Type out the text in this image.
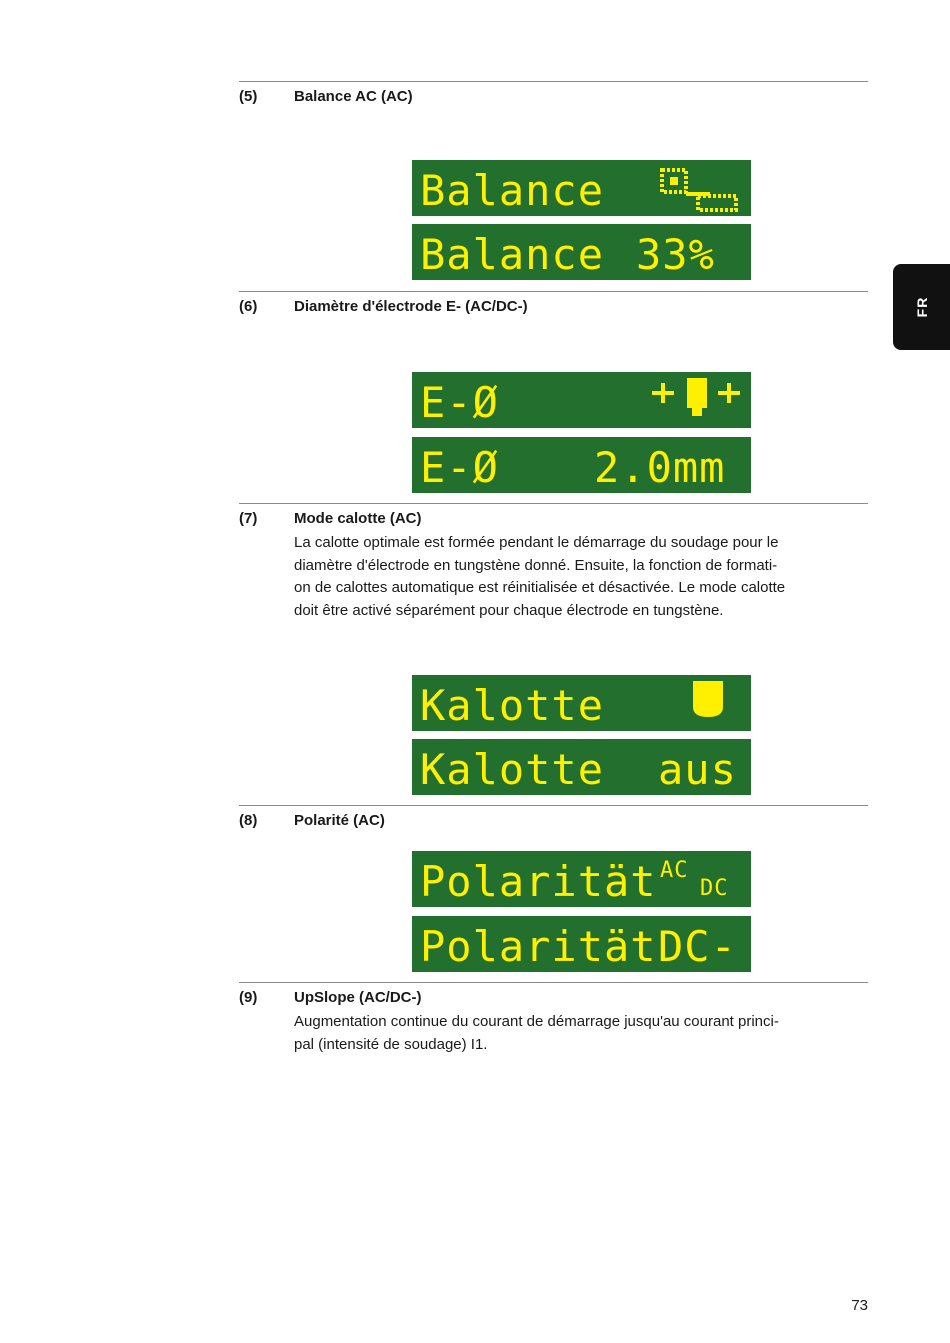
(5) Balance AC (AC)
Balance
Balance 33%
(6) Diamètre d'électrode E- (AC/DC-)
E-Ø
E-Ø 2.0mm
(7) Mode calotte (AC)

La calotte optimale est formée pendant le démarrage du soudage pour le

diamètre d'électrode en tungstène donné. Ensuite, la fonction de formati-

on de calottes automatique est réinitialisée et désactivée. Le mode calotte

doit être activé séparément pour chaque électrode en tungstène.

Kalotte
Kalotte aus
(8) Polarité (AC)
Polarität AC
DC
Polarität DC-
(9) UpSlope (AC/DC-)

Augmentation continue du courant de démarrage jusqu'au courant princi-

pal (intensité de soudage) I1.

FR
73
